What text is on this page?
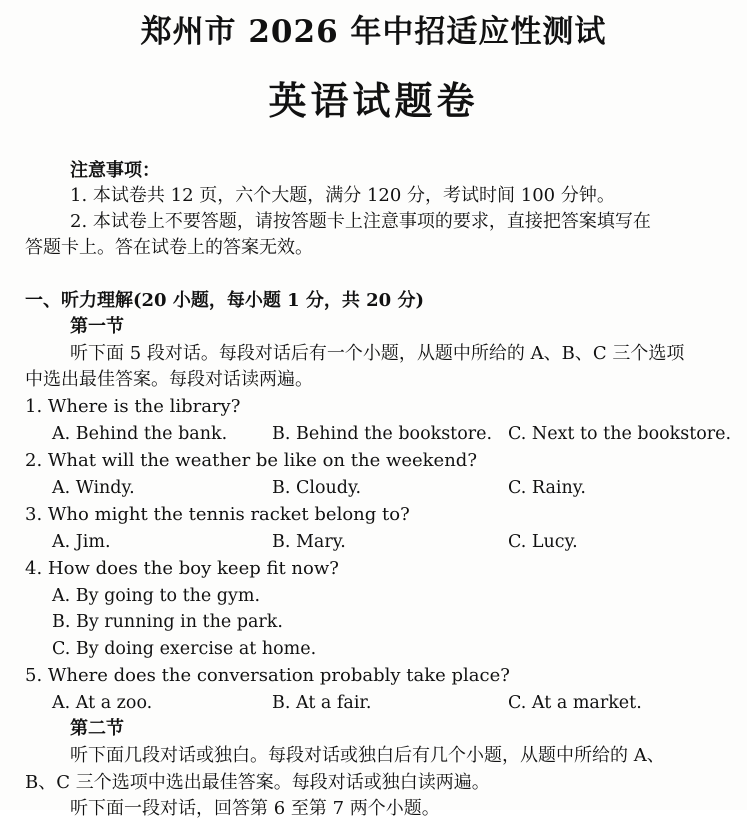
郑州市 2026 年中招适应性测试
英语试题卷
注意事项：
1. 本试卷共 12 页，六个大题，满分 120 分，考试时间 100 分钟。
2. 本试卷上不要答题，请按答题卡上注意事项的要求，直接把答案填写在
答题卡上。答在试卷上的答案无效。
一、听力理解(20 小题，每小题 1 分，共 20 分)
第一节
听下面 5 段对话。每段对话后有一个小题，从题中所给的 A、B、C 三个选项
中选出最佳答案。每段对话读两遍。
1. Where is the library?
A. Behind the bank.	B. Behind the bookstore. C. Next to the bookstore.
2. What will the weather be like on the weekend?
A. Windy.	B. Cloudy.	C. Rainy.
3. Who might the tennis racket belong to?
A. Jim.	B. Mary.	C. Lucy.
4. How does the boy keep fit now?
A. By going to the gym.
B. By running in the park.
C. By doing exercise at home.
5. Where does the conversation probably take place?
A. At a zoo.	B. At a fair.	C. At a market.
第二节
听下面几段对话或独白。每段对话或独白后有几个小题，从题中所给的 A、
B、C 三个选项中选出最佳答案。每段对话或独白读两遍。
听下面一段对话，回答第 6 至第 7 两个小题。
